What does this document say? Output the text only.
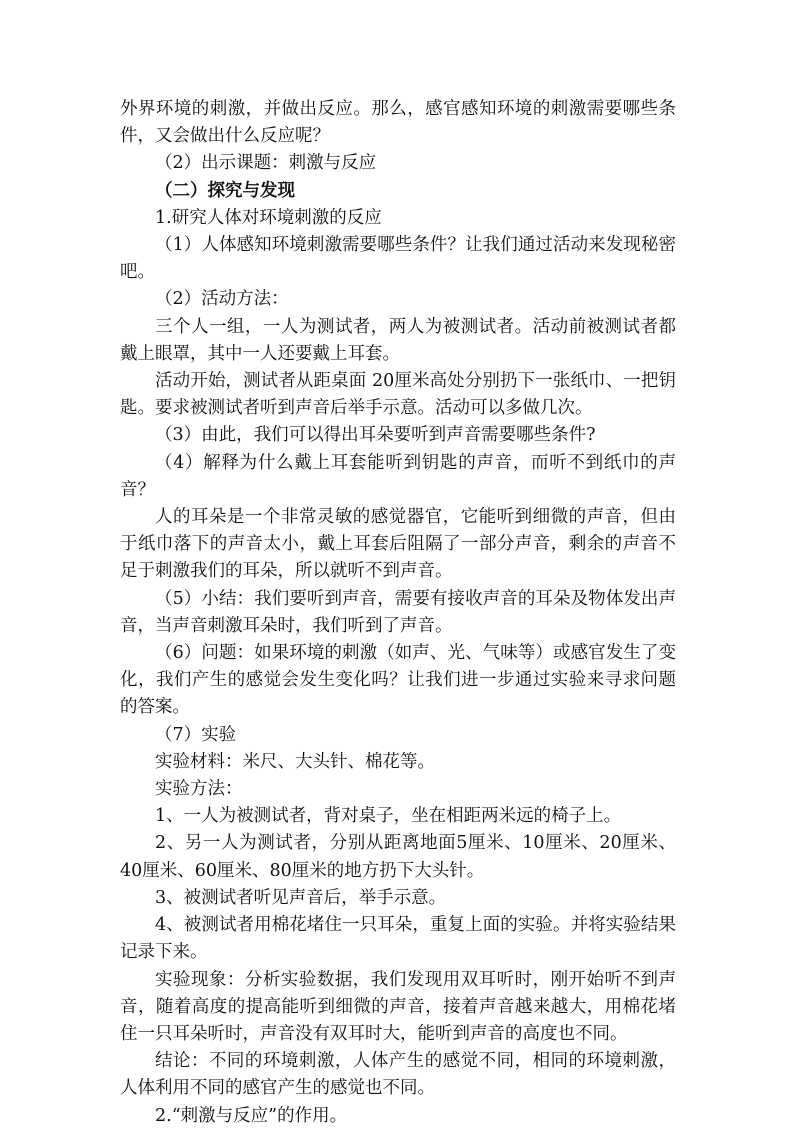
外界环境的刺激，并做出反应。那么，感官感知环境的刺激需要哪些条件，又会做出什么反应呢？

（2）出示课题：刺激与反应

（二）探究与发现

1.研究人体对环境刺激的反应

（1）人体感知环境刺激需要哪些条件？让我们通过活动来发现秘密吧。

（2）活动方法：

三个人一组，一人为测试者，两人为被测试者。活动前被测试者都戴上眼罩，其中一人还要戴上耳套。

活动开始，测试者从距桌面 20厘米高处分别扔下一张纸巾、一把钥匙。要求被测试者听到声音后举手示意。活动可以多做几次。

（3）由此，我们可以得出耳朵要听到声音需要哪些条件?

（4）解释为什么戴上耳套能听到钥匙的声音，而听不到纸巾的声音？

人的耳朵是一个非常灵敏的感觉器官，它能听到细微的声音，但由于纸巾落下的声音太小，戴上耳套后阻隔了一部分声音，剩余的声音不足于刺激我们的耳朵，所以就听不到声音。

（5）小结：我们要听到声音，需要有接收声音的耳朵及物体发出声音，当声音刺激耳朵时，我们听到了声音。

（6）问题：如果环境的刺激（如声、光、气味等）或感官发生了变化，我们产生的感觉会发生变化吗？让我们进一步通过实验来寻求问题的答案。

（7）实验

实验材料：米尺、大头针、棉花等。

实验方法：

1、一人为被测试者，背对桌子，坐在相距两米远的椅子上。

2、另一人为测试者，分别从距离地面5厘米、10厘米、20厘米、40厘米、60厘米、80厘米的地方扔下大头针。

3、被测试者听见声音后，举手示意。

4、被测试者用棉花堵住一只耳朵，重复上面的实验。并将实验结果记录下来。

实验现象：分析实验数据，我们发现用双耳听时，刚开始听不到声音，随着高度的提高能听到细微的声音，接着声音越来越大，用棉花堵住一只耳朵听时，声音没有双耳时大，能听到声音的高度也不同。

结论：不同的环境刺激，人体产生的感觉不同，相同的环境刺激，人体利用不同的感官产生的感觉也不同。

2.“刺激与反应”的作用。
